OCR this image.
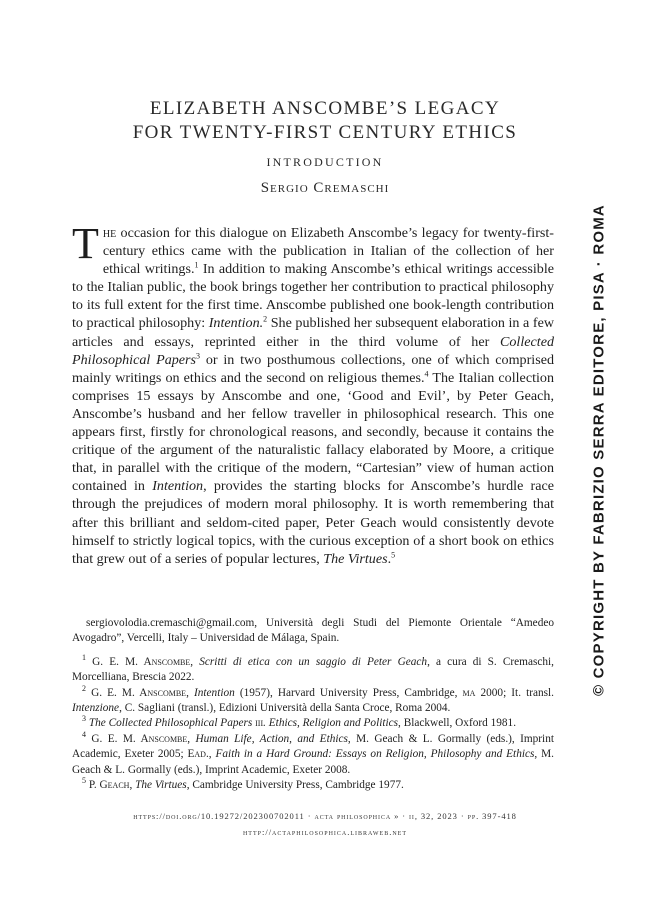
ELIZABETH ANSCOMBE’S LEGACY
FOR TWENTY-FIRST CENTURY ETHICS
INTRODUCTION
Sergio Cremaschi
The occasion for this dialogue on Elizabeth Anscombe’s legacy for twenty-first-century ethics came with the publication in Italian of the collection of her ethical writings.$^1$ In addition to making Anscombe’s ethical writings accessible to the Italian public, the book brings together her contribution to practical philosophy to its full extent for the first time. Anscombe published one book-length contribution to practical philosophy: Intention.$^2$ She published her subsequent elaboration in a few articles and essays, reprinted either in the third volume of her Collected Philosophical Papers$^3$ or in two posthumous collections, one of which comprised mainly writings on ethics and the second on religious themes.$^4$ The Italian collection comprises 15 essays by Anscombe and one, ‘Good and Evil’, by Peter Geach, Anscombe’s husband and her fellow traveller in philosophical research. This one appears first, firstly for chronological reasons, and secondly, because it contains the critique of the argument of the naturalistic fallacy elaborated by Moore, a critique that, in parallel with the critique of the modern, “Cartesian” view of human action contained in Intention, provides the starting blocks for Anscombe’s hurdle race through the prejudices of modern moral philosophy. It is worth remembering that after this brilliant and seldom-cited paper, Peter Geach would consistently devote himself to strictly logical topics, with the curious exception of a short book on ethics that grew out of a series of popular lectures, The Virtues.$^5$

sergiovolodia.cremaschi@gmail.com, Università degli Studi del Piemonte Orientale “Amedeo Avogadro”, Vercelli, Italy – Universidad de Málaga, Spain.

$^1$ G. E. M. Anscombe, Scritti di etica con un saggio di Peter Geach, a cura di S. Cremaschi, Morcelliana, Brescia 2022.

$^2$ G. E. M. Anscombe, Intention (1957), Harvard University Press, Cambridge, ma 2000; It. transl. Intenzione, C. Sagliani (transl.), Edizioni Università della Santa Croce, Roma 2004.

$^3$ The Collected Philosophical Papers iii. Ethics, Religion and Politics, Blackwell, Oxford 1981.

$^4$ G. E. M. Anscombe, Human Life, Action, and Ethics, M. Geach & L. Gormally (eds.), Imprint Academic, Exeter 2005; Ead., Faith in a Hard Ground: Essays on Religion, Philosophy and Ethics, M. Geach & L. Gormally (eds.), Imprint Academic, Exeter 2008.

$^5$ P. Geach, The Virtues, Cambridge University Press, Cambridge 1977.

https://doi.org/10.19272/202300702011 · acta philosophica » · ii, 32, 2023 · pp. 397-418
http://actaphilosophica.libraweb.net
© COPYRIGHT BY FABRIZIO SERRA EDITORE, PISA · ROMA
